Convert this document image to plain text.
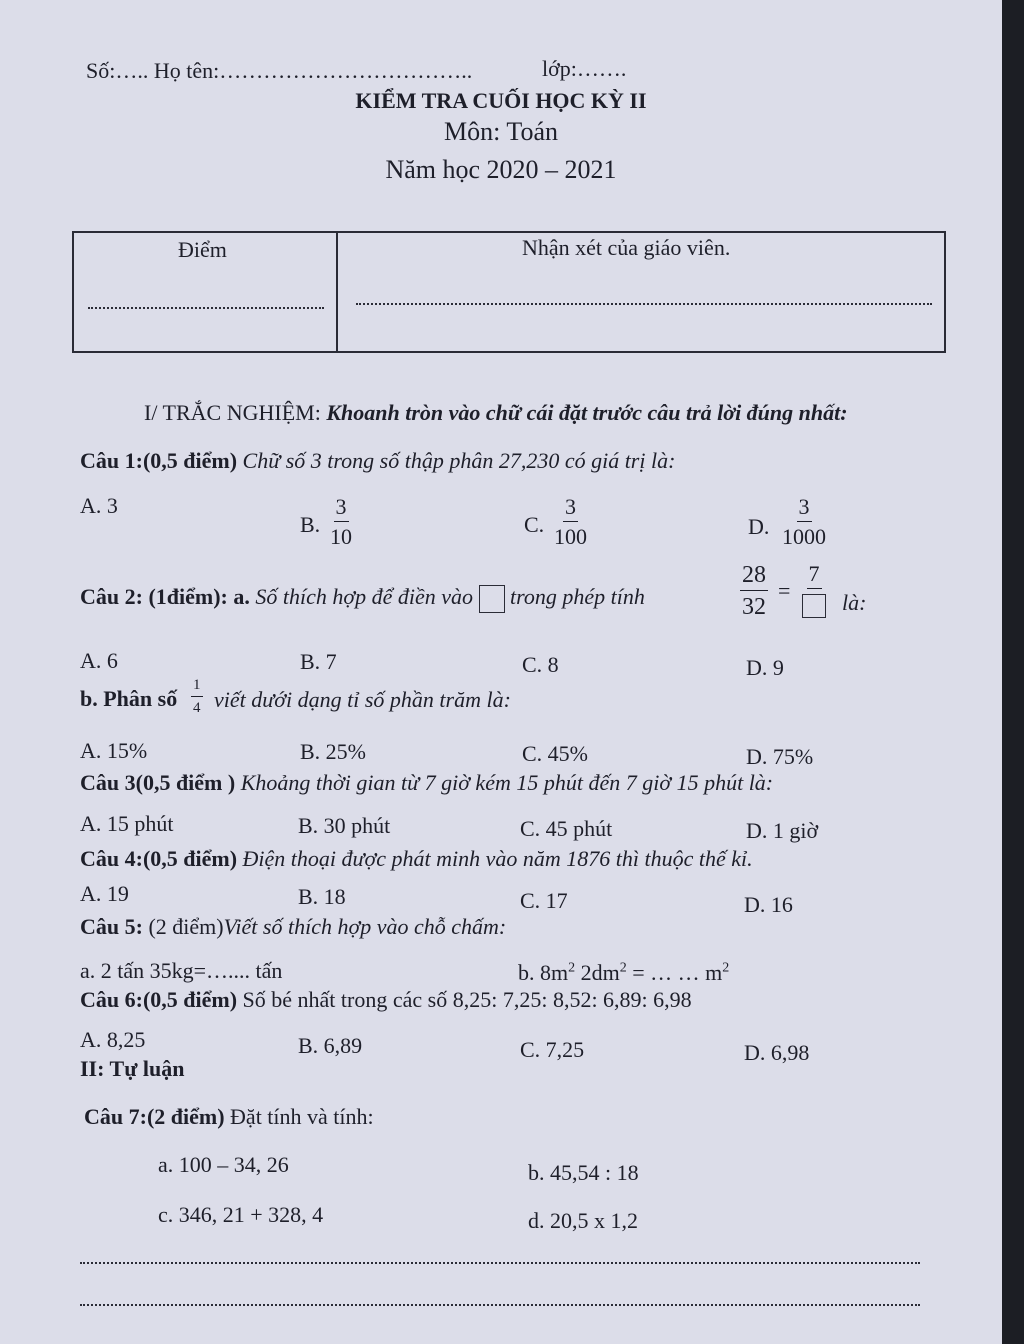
Số:….. Họ tên:……………………………..	lớp:…….
KIỂM TRA CUỐI HỌC KỲ II
Môn: Toán
Năm học 2020 – 2021
Điểm	Nhận xét của giáo viên.
I/ TRẮC NGHIỆM: Khoanh tròn vào chữ cái đặt trước câu trả lời đúng nhất:
Câu 1:(0,5 điểm) Chữ số 3 trong số thập phân 27,230 có giá trị là:
A. 3
B. $\frac{3}{10}$	C. $\frac{3}{100}$	D. $\frac{3}{1000}$
Câu 2: (1điểm): a. Số thích hợp để điền vào trong phép tính	$\frac{28}{32}$ =
7
là:
A. 6	B. 7	C. 8	D. 9
b. Phân số $\frac{1}{4}$ viết dưới dạng tỉ số phần trăm là:
A. 15%	B. 25%	C. 45%	D. 75%
Câu 3(0,5 điểm ) Khoảng thời gian từ 7 giờ kém 15 phút đến 7 giờ 15 phút là:
A. 15 phút	B. 30 phút	C. 45 phút	D. 1 giờ
Câu 4:(0,5 điểm) Điện thoại được phát minh vào năm 1876 thì thuộc thế kỉ.
A. 19	B. 18	C. 17	D. 16
Câu 5: (2 điểm)Viết số thích hợp vào chỗ chấm:
a. 2 tấn 35kg=….... tấn	b. $8m^2$ $2dm^2$ = … … $m^2$
Câu 6:(0,5 điểm) Số bé nhất trong các số 8,25: 7,25: 8,52: 6,89: 6,98
A. 8,25	B. 6,89	C. 7,25	D. 6,98
II: Tự luận
Câu 7:(2 điểm) Đặt tính và tính:
a. 100 – 34, 26	b. 45,54 : 18
c. 346, 21 + 328, 4	d. 20,5 x 1,2
